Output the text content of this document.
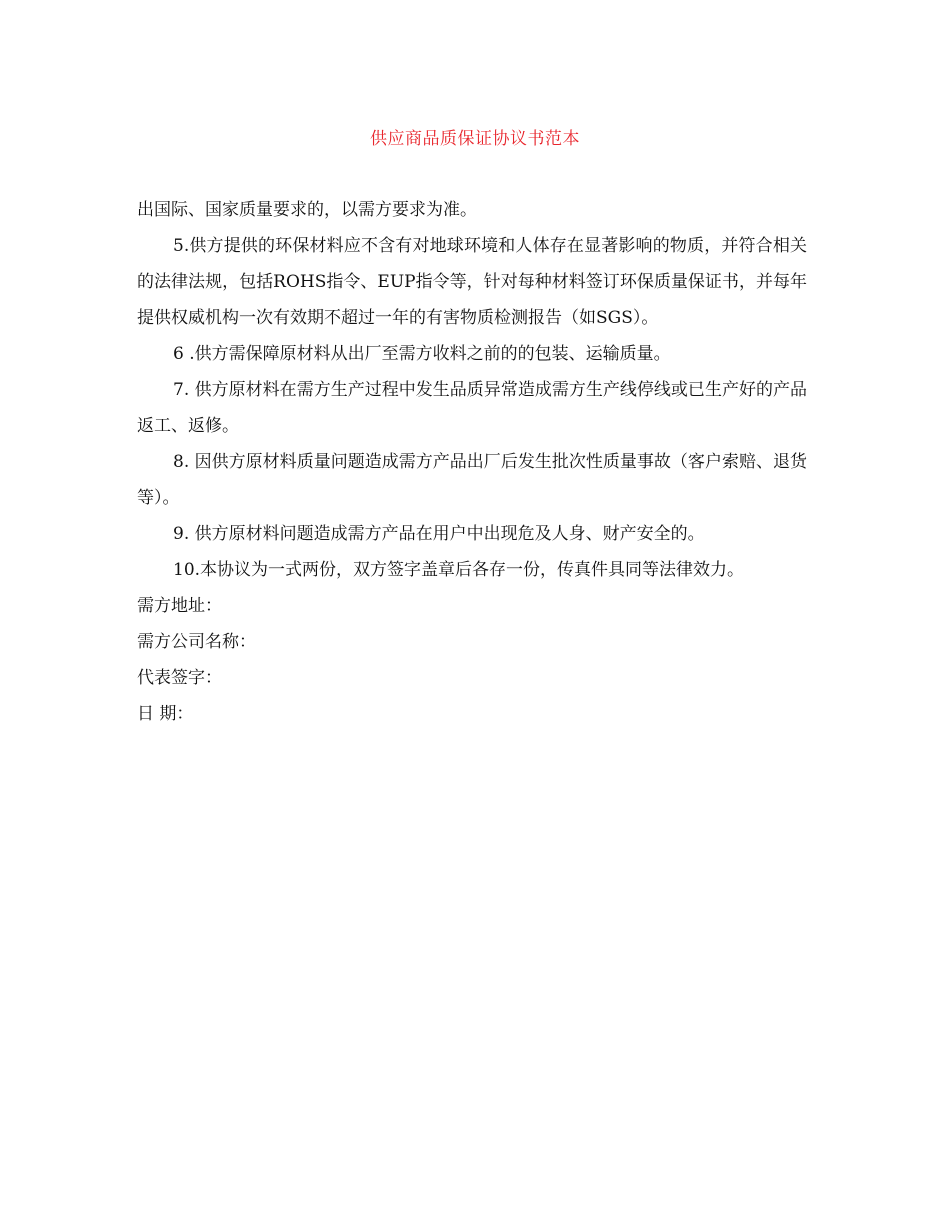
供应商品质保证协议书范本

出国际、国家质量要求的，以需方要求为准。

5.供方提供的环保材料应不含有对地球环境和人体存在显著影响的物质，并符合相关的法律法规，包括ROHS指令、EUP指令等，针对每种材料签订环保质量保证书，并每年提供权威机构一次有效期不超过一年的有害物质检测报告（如SGS）。

6 .供方需保障原材料从出厂至需方收料之前的的包装、运输质量。

7. 供方原材料在需方生产过程中发生品质异常造成需方生产线停线或已生产好的产品返工、返修。

8. 因供方原材料质量问题造成需方产品出厂后发生批次性质量事故（客户索赔、退货等）。

9. 供方原材料问题造成需方产品在用户中出现危及人身、财产安全的。

10.本协议为一式两份，双方签字盖章后各存一份，传真件具同等法律效力。

需方地址：

需方公司名称：

代表签字：

日 期：
